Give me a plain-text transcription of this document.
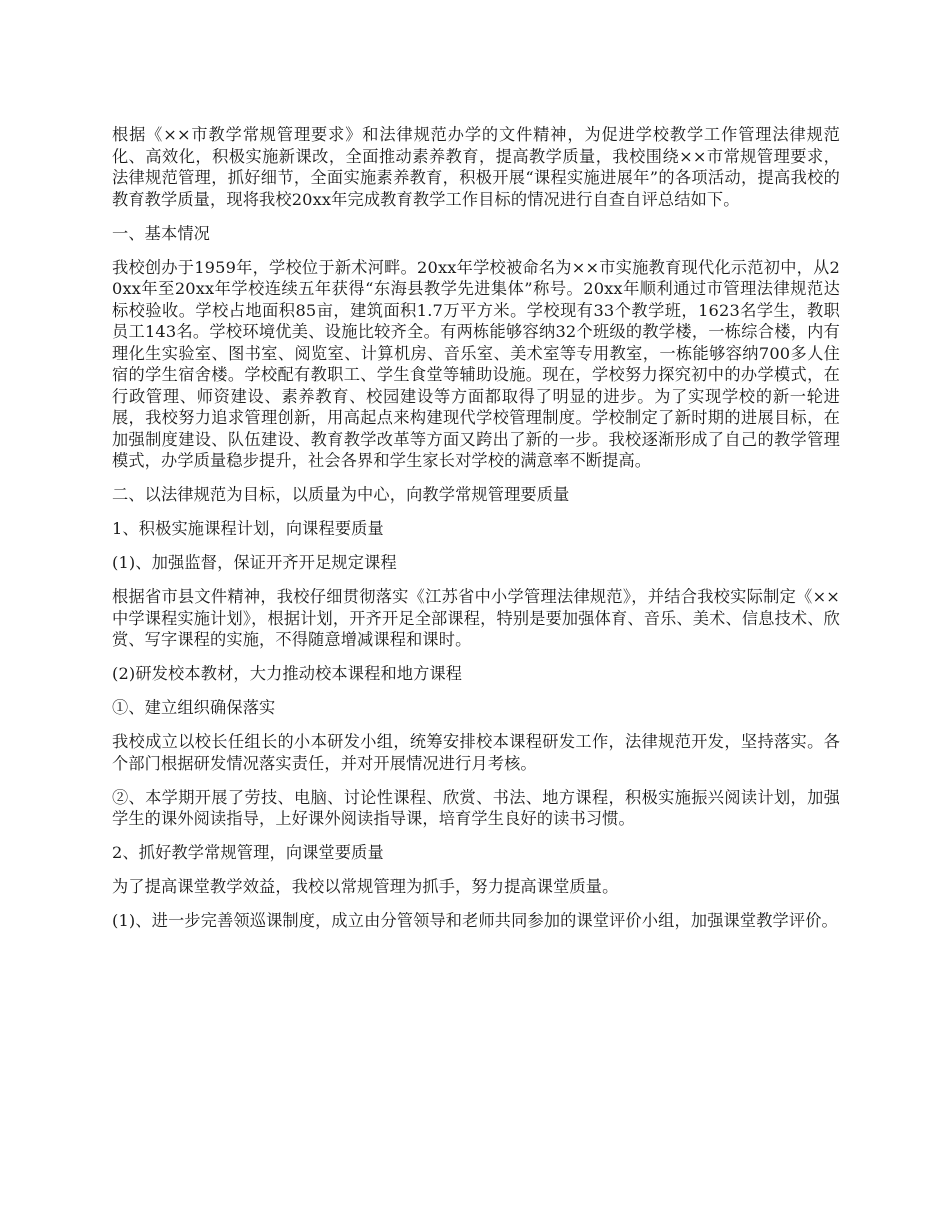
根据《××市教学常规管理要求》和法律规范办学的文件精神，为促进学校教学工作管理法律规范化、高效化，积极实施新课改，全面推动素养教育，提高教学质量，我校围绕××市常规管理要求，法律规范管理，抓好细节，全面实施素养教育，积极开展“课程实施进展年”的各项活动，提高我校的教育教学质量，现将我校20xx年完成教育教学工作目标的情况进行自查自评总结如下。

一、基本情况

我校创办于1959年，学校位于新术河畔。20xx年学校被命名为××市实施教育现代化示范初中，从20xx年至20xx年学校连续五年获得“东海县教学先进集体”称号。20xx年顺利通过市管理法律规范达标校验收。学校占地面积85亩，建筑面积1.7万平方米。学校现有33个教学班，1623名学生，教职员工143名。学校环境优美、设施比较齐全。有两栋能够容纳32个班级的教学楼，一栋综合楼，内有理化生实验室、图书室、阅览室、计算机房、音乐室、美术室等专用教室，一栋能够容纳700多人住宿的学生宿舍楼。学校配有教职工、学生食堂等辅助设施。现在，学校努力探究初中的办学模式，在行政管理、师资建设、素养教育、校园建设等方面都取得了明显的进步。为了实现学校的新一轮进展，我校努力追求管理创新，用高起点来构建现代学校管理制度。学校制定了新时期的进展目标，在加强制度建设、队伍建设、教育教学改革等方面又跨出了新的一步。我校逐渐形成了自己的教学管理模式，办学质量稳步提升，社会各界和学生家长对学校的满意率不断提高。

二、以法律规范为目标，以质量为中心，向教学常规管理要质量

1、积极实施课程计划，向课程要质量

(1)、加强监督，保证开齐开足规定课程

根据省市县文件精神，我校仔细贯彻落实《江苏省中小学管理法律规范》，并结合我校实际制定《××中学课程实施计划》，根据计划，开齐开足全部课程，特别是要加强体育、音乐、美术、信息技术、欣赏、写字课程的实施，不得随意增减课程和课时。

(2)研发校本教材，大力推动校本课程和地方课程

①、建立组织确保落实

我校成立以校长任组长的小本研发小组，统筹安排校本课程研发工作，法律规范开发，坚持落实。各个部门根据研发情况落实责任，并对开展情况进行月考核。

②、本学期开展了劳技、电脑、讨论性课程、欣赏、书法、地方课程，积极实施振兴阅读计划，加强学生的课外阅读指导，上好课外阅读指导课，培育学生良好的读书习惯。

2、抓好教学常规管理，向课堂要质量

为了提高课堂教学效益，我校以常规管理为抓手，努力提高课堂质量。

(1)、进一步完善领巡课制度，成立由分管领导和老师共同参加的课堂评价小组，加强课堂教学评价。
